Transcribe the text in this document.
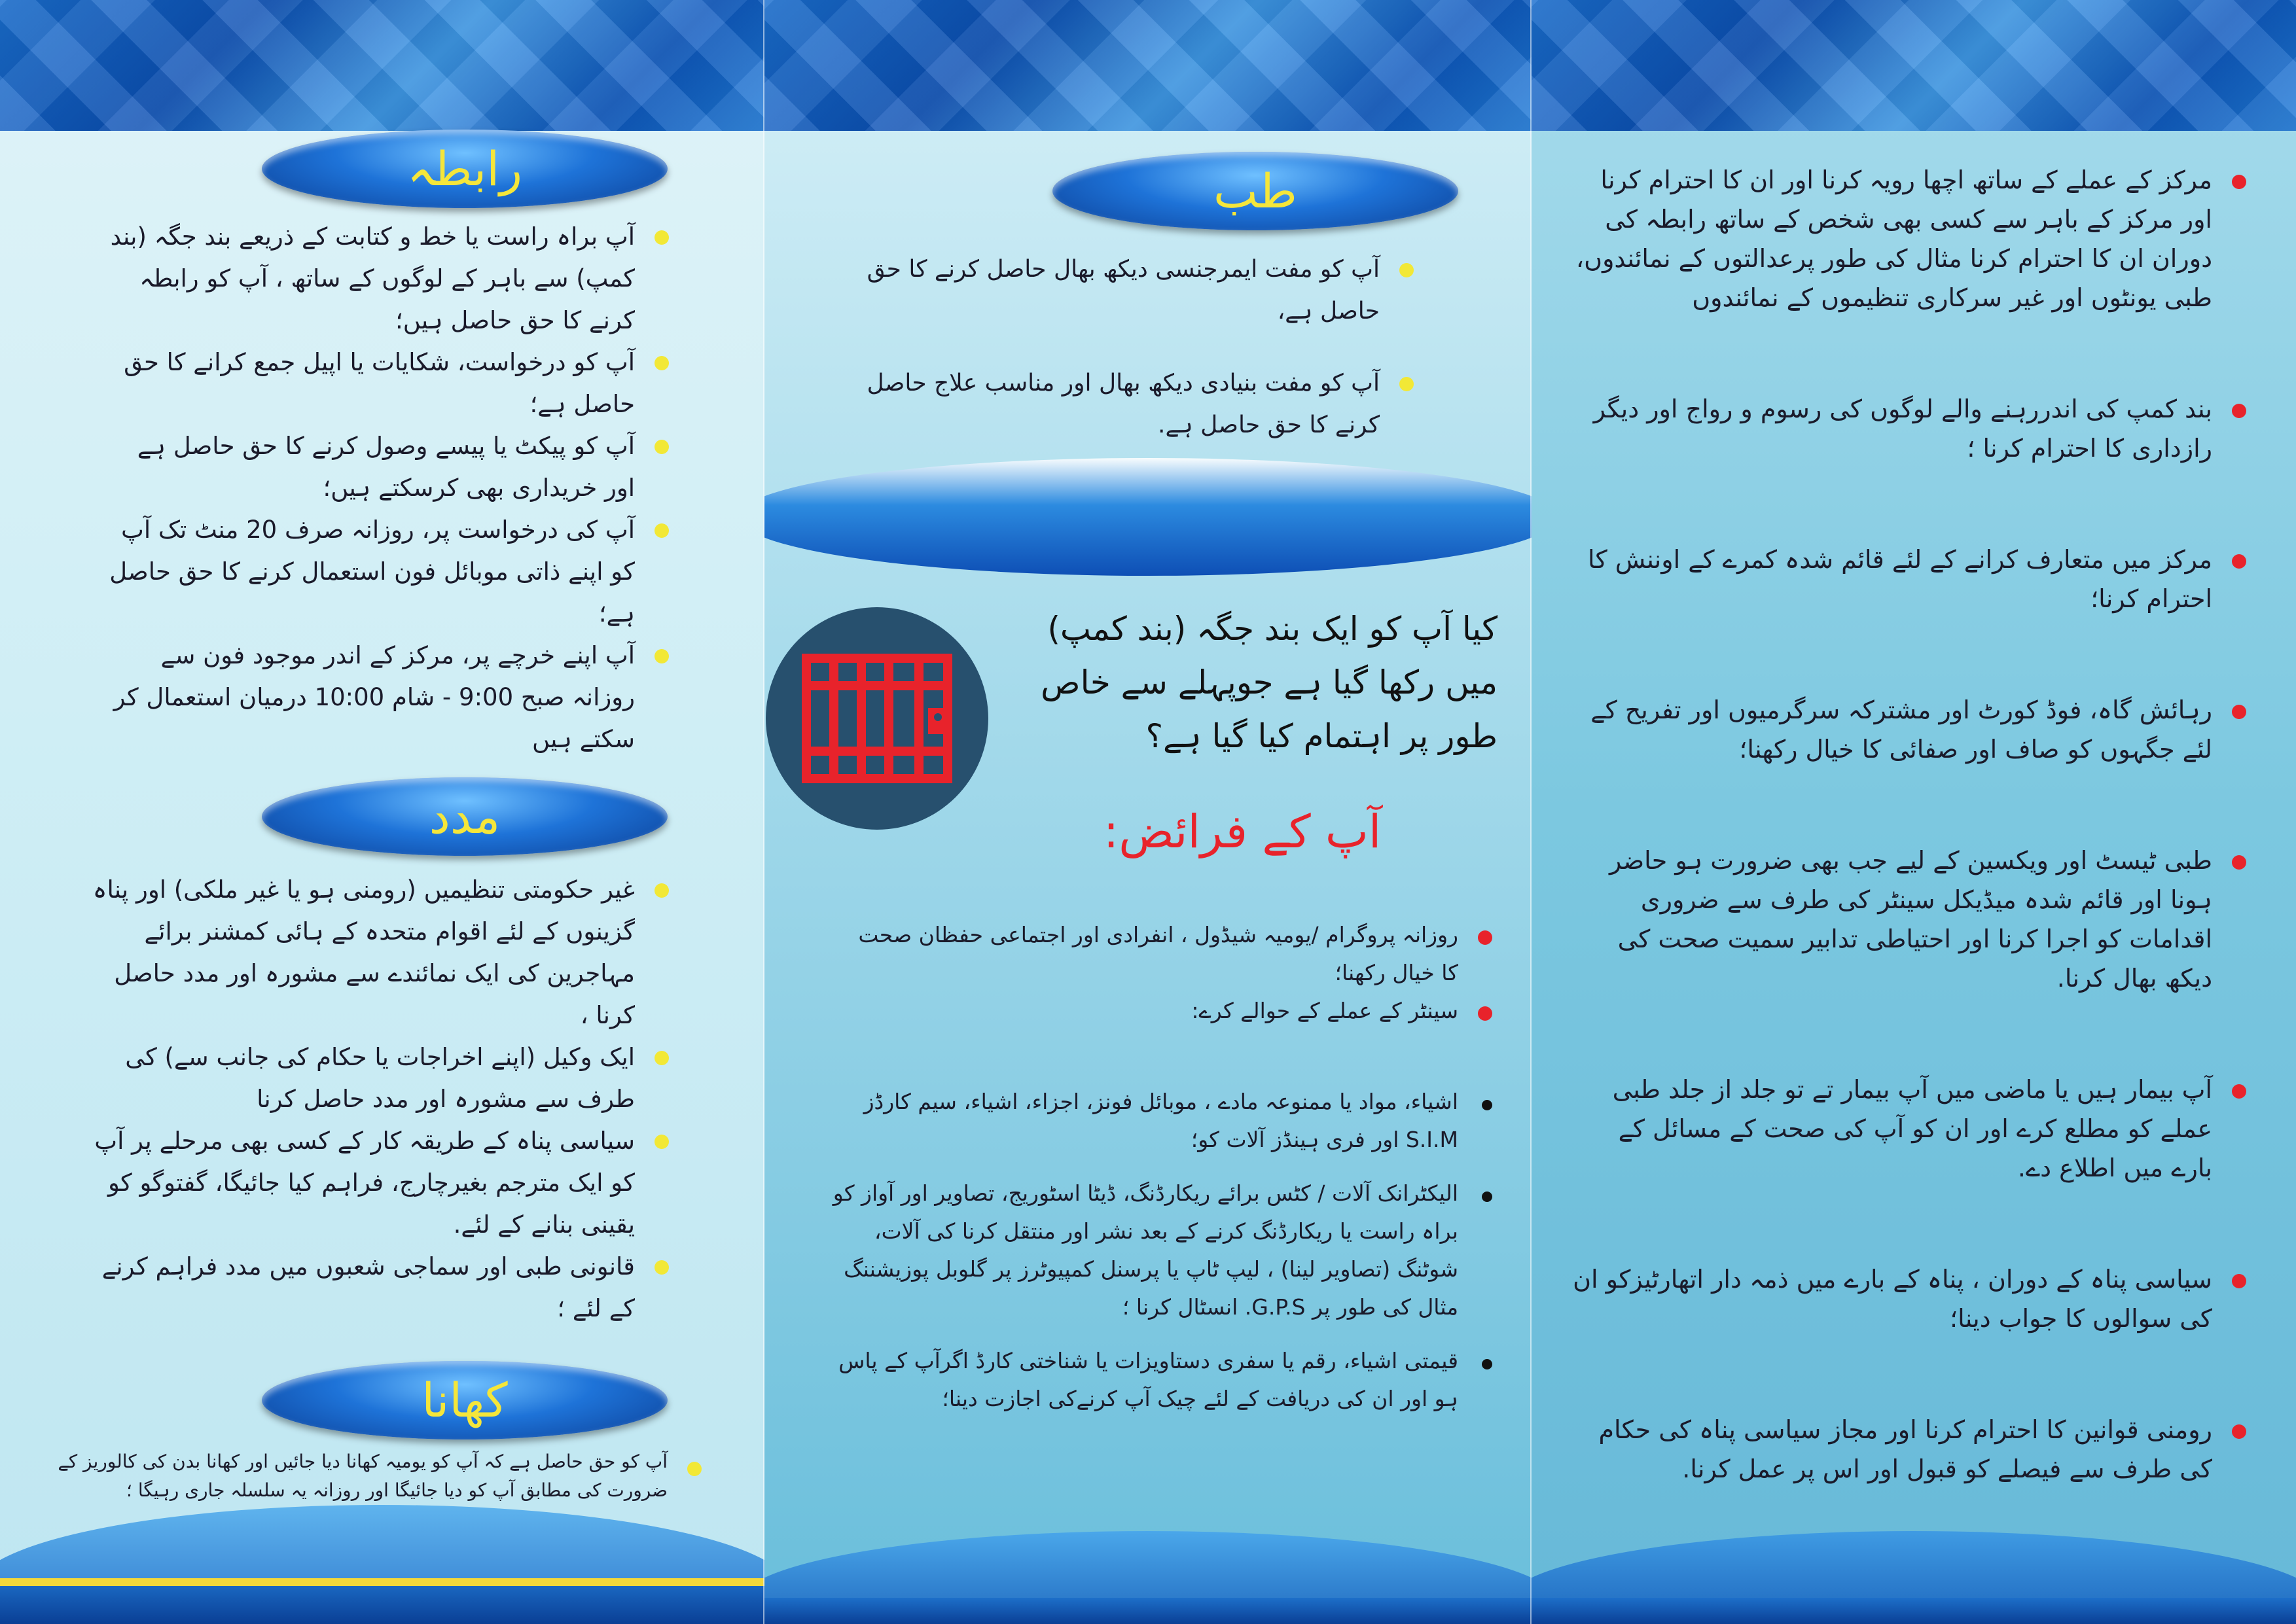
رابطہ
آپ براہ راست یا خط و کتابت کے ذریعے بند جگہ (بند کمپ) سے باہر کے لوگوں کے ساتھ ، آپ کو رابطہ کرنے کا حق حاصل ہیں؛
آپ کو درخواست، شکایات یا اپیل جمع کرانے کا حق حاصل ہے؛
آپ کو پیکٹ یا پیسے وصول کرنے کا حق حاصل ہے اور خریداری بھی کرسکتے ہیں؛
آپ کی درخواست پر، روزانہ صرف 20 منٹ تک آپ کو اپنے ذاتی موبائل فون استعمال کرنے کا حق حاصل ہے؛
آپ اپنے خرچے پر، مرکز کے اندر موجود فون سے روزانہ صبح 9:00 - شام 10:00 درمیان استعمال کر سکتے ہیں
مدد
غیر حکومتی تنظیمیں (رومنی ہو یا غیر ملکی) اور پناہ گزینوں کے لئے اقوام متحدہ کے ہائی کمشنر برائے مہاجرین کی ایک نمائندے سے مشورہ اور مدد حاصل کرنا ،
ایک وکیل (اپنے اخراجات یا حکام کی جانب سے) کی طرف سے مشورہ اور مدد حاصل کرنا
سیاسی پناہ کے طریقہ کار کے کسی بھی مرحلے پر آپ کو ایک مترجم بغیرچارج، فراہم کیا جائیگا، گفتوگو کو یقینی بنانے کے لئے.
قانونی طبی اور سماجی شعبوں میں مدد فراہم کرنے کے لئے ؛
کھانا
آپ کو حق حاصل ہے کہ آپ کو یومیہ کھانا دیا جائیں اور کھانا بدن کی کالوریز کے ضرورت کی مطابق آپ کو دیا جائیگا اور روزانہ یہ سلسلہ جاری رہیگا ؛
طب
آپ کو مفت ایمرجنسی دیکھ بھال حاصل کرنے کا حق حاصل ہے،
آپ کو مفت بنیادی دیکھ بھال اور مناسب علاج حاصل کرنے کا حق حاصل ہے.
کیا آپ کو ایک بند جگہ (بند کمپ) میں رکھا گیا ہے جوپہلے سے خاص طور پر اہتمام کیا گیا ہے؟
آپ کے فرائض:
روزانہ پروگرام /یومیہ شیڈول ، انفرادی اور اجتماعی حفظان صحت کا خیال رکھنا؛
سینٹر کے عملے کے حوالے کرے:
اشیاء، مواد یا ممنوعہ مادے ، موبائل فونز، اجزاء، اشیاء، سیم کارڈز S.I.M اور فری ہینڈز آلات کو؛
الیکٹرانک آلات / کٹس برائے ریکارڈنگ، ڈیٹا اسٹوریج، تصاویر اور آواز کو براہ راست یا ریکارڈنگ کرنے کے بعد نشر اور منتقل کرنا کی آلات، شوٹنگ (تصاویر لینا) ، لیپ ٹاپ یا پرسنل کمپیوٹرز پر گلوبل پوزیشننگ مثال کی طور پر G.P.S. انسٹال کرنا ؛
قیمتی اشیاء، رقم یا سفری دستاویزات یا شناختی کارڈ اگرآپ کے پاس ہو اور ان کی دریافت کے لئے چیک آپ کرنےکی اجازت دینا؛
مرکز کے عملے کے ساتھ اچھا رویہ کرنا اور ان کا احترام کرنا اور مرکز کے باہر سے کسی بھی شخص کے ساتھ رابطہ کی دوران ان کا احترام کرنا مثال کی طور پرعدالتوں کے نمائندوں، طبی یونٹوں اور غیر سرکاری تنظیموں کے نمائندوں
بند کمپ کی اندررہنے والے لوگوں کی رسوم و رواج اور دیگر رازداری کا احترام کرنا ؛
مرکز میں متعارف کرانے کے لئے قائم شدہ کمرے کے اوننش کا احترام کرنا؛
رہائش گاہ، فوڈ کورٹ اور مشترکہ سرگرمیوں اور تفریح کے لئے جگہوں کو صاف اور صفائی کا خیال رکھنا؛
طبی ٹیسٹ اور ویکسین کے لیے جب بھی ضرورت ہو حاضر ہونا اور قائم شدہ میڈیکل سینٹر کی طرف سے ضروری اقدامات کو اجرا کرنا اور احتیاطی تدابیر سمیت صحت کی دیکھ بھال کرنا.
آپ بیمار ہیں یا ماضی میں آپ بیمار تے تو جلد از جلد طبی عملے کو مطلع کرے اور ان کو آپ کی صحت کے مسائل کے بارے میں اطلاع دے.
سیاسی پناہ کے دوران ، پناہ کے بارے میں ذمہ دار اتھارٹیزکو ان کی سوالوں کا جواب دینا؛
رومنی قوانین کا احترام کرنا اور مجاز سیاسی پناہ کی حکام کی طرف سے فیصلے کو قبول اور اس پر عمل کرنا.
